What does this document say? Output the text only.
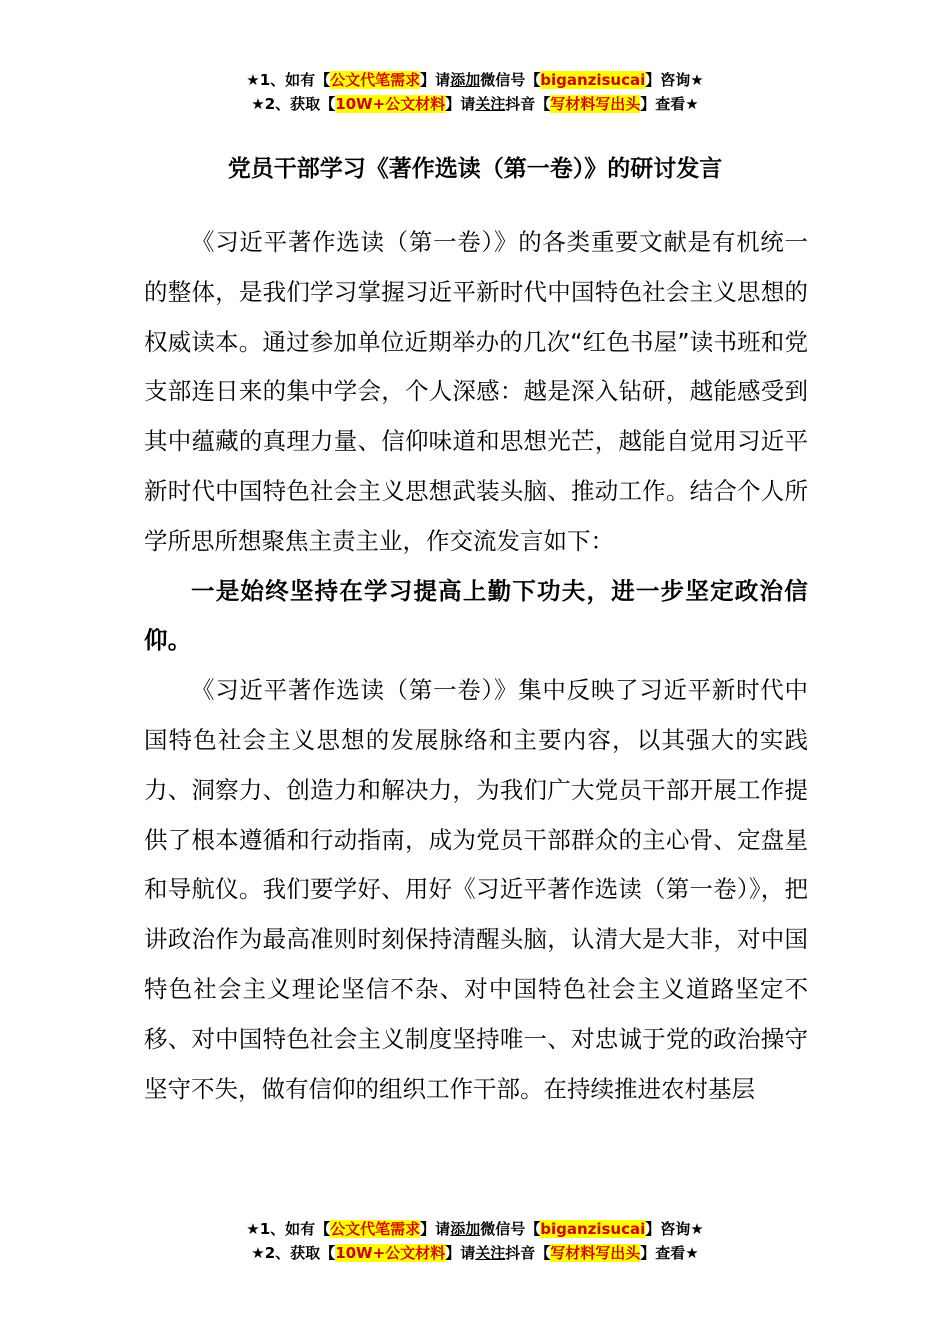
★1、如有【公文代笔需求】请添加微信号【biganzisucai】咨询★
★2、获取【10W+公文材料】请关注抖音【写材料写出头】查看★
党员干部学习《著作选读（第一卷）》的研讨发言

《习近平著作选读（第一卷）》的各类重要文献是有机统一的整体，是我们学习掌握习近平新时代中国特色社会主义思想的权威读本。通过参加单位近期举办的几次“红色书屋”读书班和党支部连日来的集中学会，个人深感：越是深入钻研，越能感受到其中蕴藏的真理力量、信仰味道和思想光芒，越能自觉用习近平新时代中国特色社会主义思想武装头脑、推动工作。结合个人所学所思所想聚焦主责主业，作交流发言如下：

一是始终坚持在学习提高上勤下功夫，进一步坚定政治信仰。

《习近平著作选读（第一卷）》集中反映了习近平新时代中国特色社会主义思想的发展脉络和主要内容，以其强大的实践力、洞察力、创造力和解决力，为我们广大党员干部开展工作提供了根本遵循和行动指南，成为党员干部群众的主心骨、定盘星和导航仪。我们要学好、用好《习近平著作选读（第一卷）》，把讲政治作为最高准则时刻保持清醒头脑，认清大是大非，对中国特色社会主义理论坚信不杂、对中国特色社会主义道路坚定不移、对中国特色社会主义制度坚持唯一、对忠诚于党的政治操守坚守不失，做有信仰的组织工作干部。在持续推进农村基层

★1、如有【公文代笔需求】请添加微信号【biganzisucai】咨询★
★2、获取【10W+公文材料】请关注抖音【写材料写出头】查看★
